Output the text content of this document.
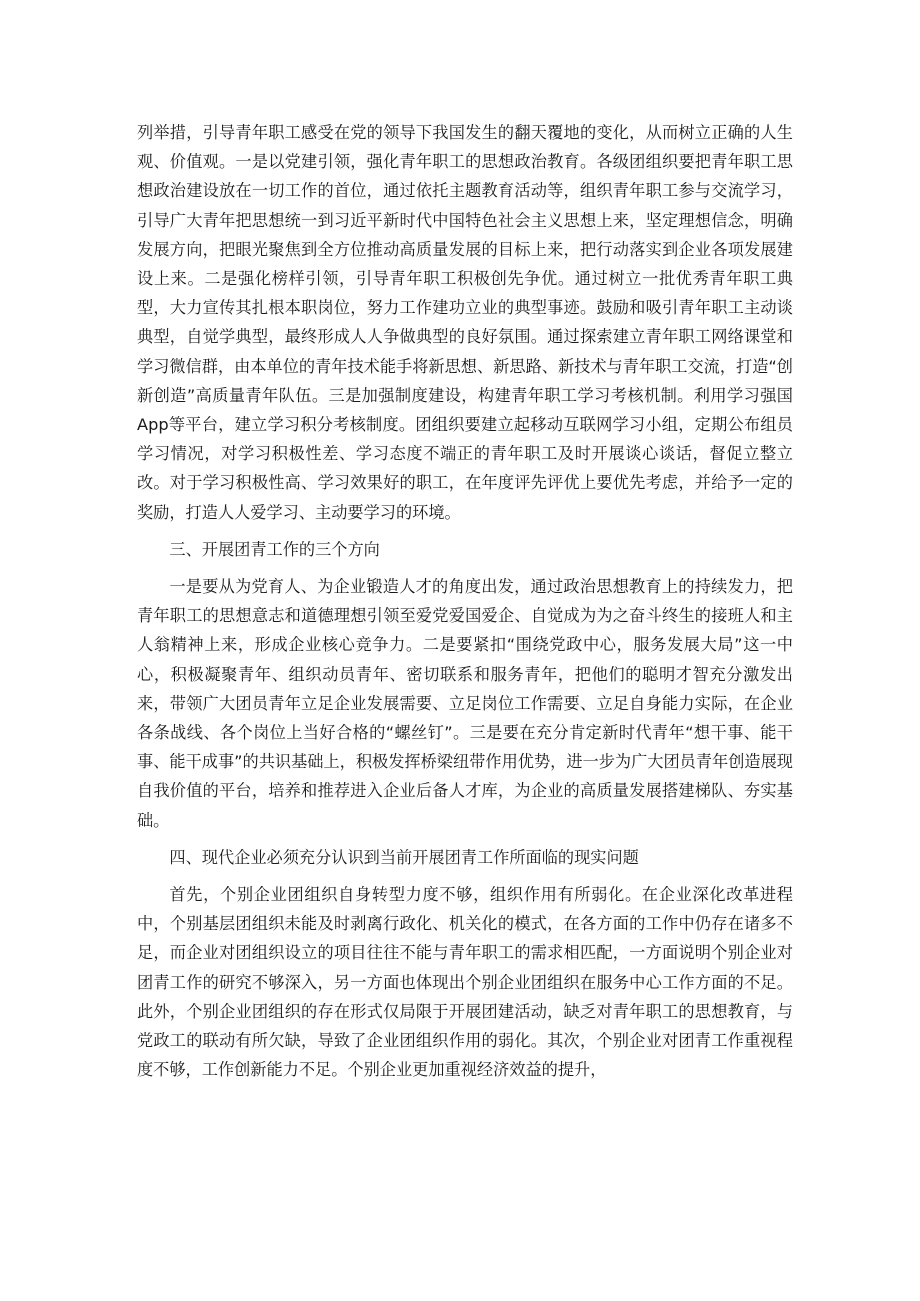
列举措，引导青年职工感受在党的领导下我国发生的翻天覆地的变化，从而树立正确的人生观、价值观。一是以党建引领，强化青年职工的思想政治教育。各级团组织要把青年职工思想政治建设放在一切工作的首位，通过依托主题教育活动等，组织青年职工参与交流学习，引导广大青年把思想统一到习近平新时代中国特色社会主义思想上来，坚定理想信念，明确发展方向，把眼光聚焦到全方位推动高质量发展的目标上来，把行动落实到企业各项发展建设上来。二是强化榜样引领，引导青年职工积极创先争优。通过树立一批优秀青年职工典型，大力宣传其扎根本职岗位，努力工作建功立业的典型事迹。鼓励和吸引青年职工主动谈典型，自觉学典型，最终形成人人争做典型的良好氛围。通过探索建立青年职工网络课堂和学习微信群，由本单位的青年技术能手将新思想、新思路、新技术与青年职工交流，打造“创新创造”高质量青年队伍。三是加强制度建设，构建青年职工学习考核机制。利用学习强国App等平台，建立学习积分考核制度。团组织要建立起移动互联网学习小组，定期公布组员学习情况，对学习积极性差、学习态度不端正的青年职工及时开展谈心谈话，督促立整立改。对于学习积极性高、学习效果好的职工，在年度评先评优上要优先考虑，并给予一定的奖励，打造人人爱学习、主动要学习的环境。

三、开展团青工作的三个方向

一是要从为党育人、为企业锻造人才的角度出发，通过政治思想教育上的持续发力，把青年职工的思想意志和道德理想引领至爱党爱国爱企、自觉成为为之奋斗终生的接班人和主人翁精神上来，形成企业核心竞争力。二是要紧扣“围绕党政中心，服务发展大局”这一中心，积极凝聚青年、组织动员青年、密切联系和服务青年，把他们的聪明才智充分激发出来，带领广大团员青年立足企业发展需要、立足岗位工作需要、立足自身能力实际，在企业各条战线、各个岗位上当好合格的“螺丝钉”。三是要在充分肯定新时代青年“想干事、能干事、能干成事”的共识基础上，积极发挥桥梁纽带作用优势，进一步为广大团员青年创造展现自我价值的平台，培养和推荐进入企业后备人才库，为企业的高质量发展搭建梯队、夯实基础。

四、现代企业必须充分认识到当前开展团青工作所面临的现实问题

首先，个别企业团组织自身转型力度不够，组织作用有所弱化。在企业深化改革进程中，个别基层团组织未能及时剥离行政化、机关化的模式，在各方面的工作中仍存在诸多不足，而企业对团组织设立的项目往往不能与青年职工的需求相匹配，一方面说明个别企业对团青工作的研究不够深入，另一方面也体现出个别企业团组织在服务中心工作方面的不足。此外，个别企业团组织的存在形式仅局限于开展团建活动，缺乏对青年职工的思想教育，与党政工的联动有所欠缺，导致了企业团组织作用的弱化。其次，个别企业对团青工作重视程度不够，工作创新能力不足。个别企业更加重视经济效益的提升，
